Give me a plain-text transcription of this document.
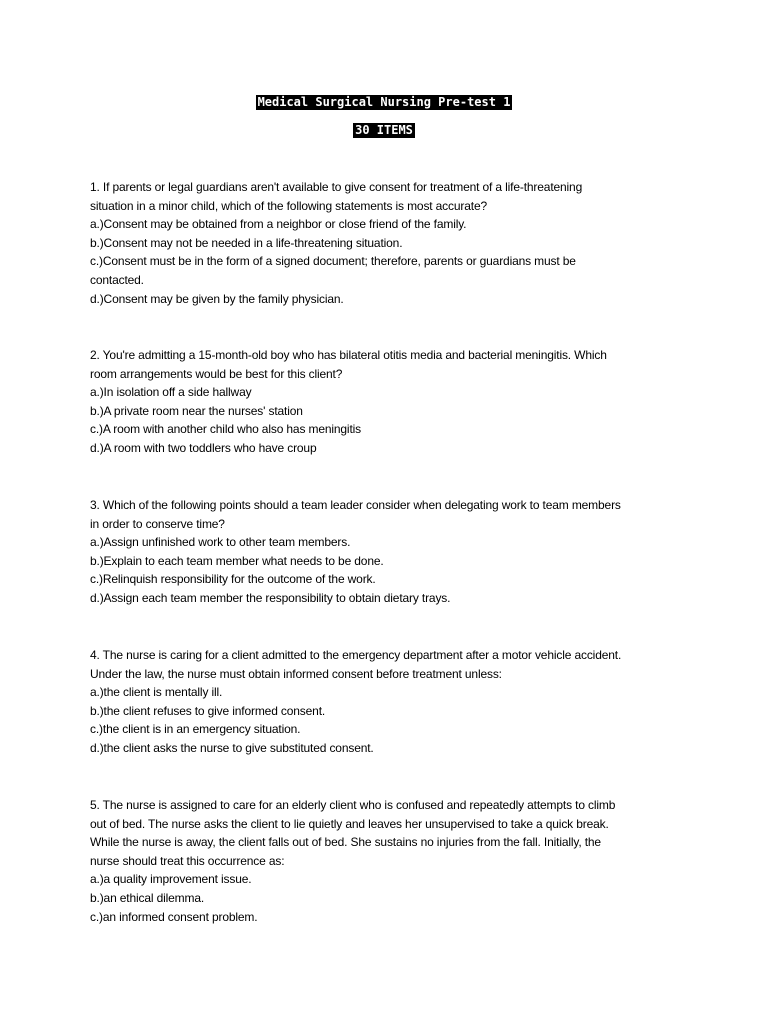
Medical Surgical Nursing Pre-test 1
30 ITEMS
1. If parents or legal guardians aren't available to give consent for treatment of a life-threatening
situation in a minor child, which of the following statements is most accurate?
a.)Consent may be obtained from a neighbor or close friend of the family.
b.)Consent may not be needed in a life-threatening situation.
c.)Consent must be in the form of a signed document; therefore, parents or guardians must be
contacted.
d.)Consent may be given by the family physician.
2. You're admitting a 15-month-old boy who has bilateral otitis media and bacterial meningitis. Which
room arrangements would be best for this client?
a.)In isolation off a side hallway
b.)A private room near the nurses' station
c.)A room with another child who also has meningitis
d.)A room with two toddlers who have croup
3. Which of the following points should a team leader consider when delegating work to team members
in order to conserve time?
a.)Assign unfinished work to other team members.
b.)Explain to each team member what needs to be done.
c.)Relinquish responsibility for the outcome of the work.
d.)Assign each team member the responsibility to obtain dietary trays.
4. The nurse is caring for a client admitted to the emergency department after a motor vehicle accident.
Under the law, the nurse must obtain informed consent before treatment unless:
a.)the client is mentally ill.
b.)the client refuses to give informed consent.
c.)the client is in an emergency situation.
d.)the client asks the nurse to give substituted consent.
5. The nurse is assigned to care for an elderly client who is confused and repeatedly attempts to climb
out of bed. The nurse asks the client to lie quietly and leaves her unsupervised to take a quick break.
While the nurse is away, the client falls out of bed. She sustains no injuries from the fall. Initially, the
nurse should treat this occurrence as:
a.)a quality improvement issue.
b.)an ethical dilemma.
c.)an informed consent problem.
